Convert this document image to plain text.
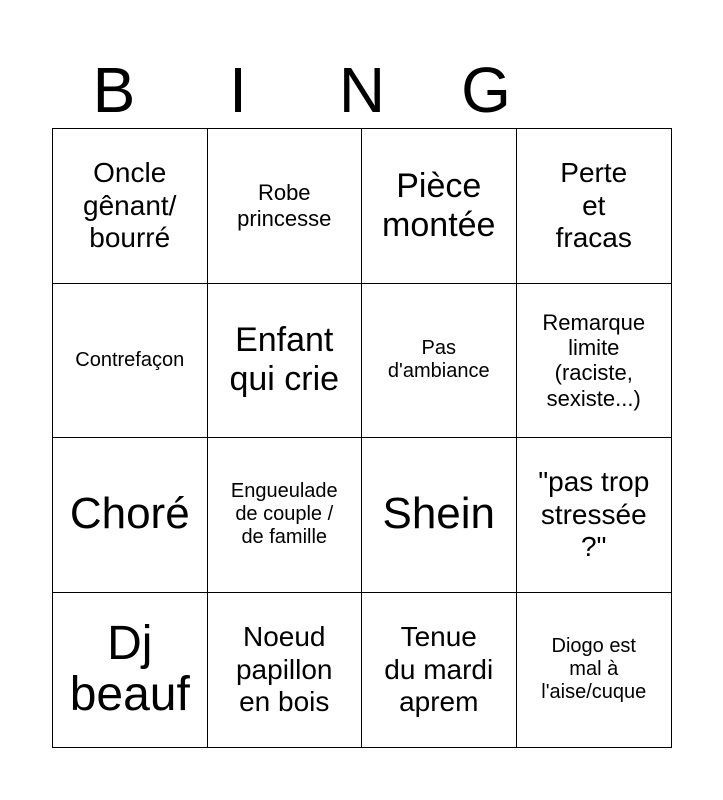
B	I	N	G
Oncle
gênant/
bourré
Robe
princesse
Pièce
montée
Perte
et
fracas
Contrefaçon
Enfant
qui crie
Pas
d'ambiance
Remarque
limite
(raciste,
sexiste...)
Choré Engueulade
de couple /
de famille Shein
"pas trop
stressée
?"
Dj
beauf
Noeud
papillon
en bois
Tenue
du mardi
aprem
Diogo est
mal à
l'aise/cuque
